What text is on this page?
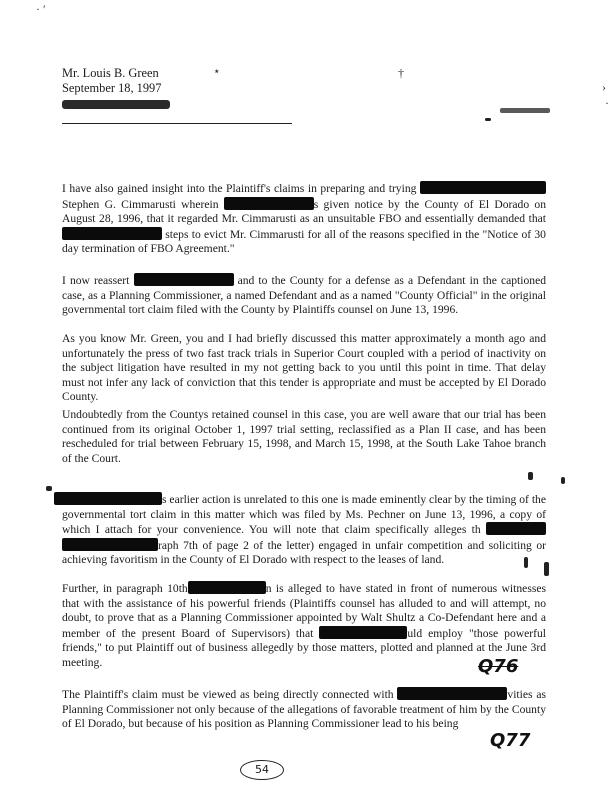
· ′
⋆	†
›
·
Mr. Louis B. Green
September 18, 1997

I have also gained insight into the Plaintiff's claims in preparing and trying  Stephen G. Cimmarusti wherein	s given notice by the County of El Dorado on August 28, 1996, that it regarded Mr. Cimmarusti as an unsuitable FBO and essentially demanded that  steps to evict Mr. Cimmarusti for all of the reasons specified in the "Notice of 30 day termination of FBO Agreement."

I now reassert	and to the County for a defense as a Defendant in the captioned case, as a Planning Commissioner, a named Defendant and as a named "County Official" in the original governmental tort claim filed with the County by Plaintiffs counsel on June 13, 1996.

As you know Mr. Green, you and I had briefly discussed this matter approximately a month ago and unfortunately the press of two fast track trials in Superior Court coupled with a period of inactivity on the subject litigation have resulted in my not getting back to you until this point in time. That delay must not infer any lack of conviction that this tender is appropriate and must be accepted by El Dorado County.

Undoubtedly from the Countys retained counsel in this case, you are well aware that our trial has been continued from its original October 1, 1997 trial setting, reclassified as a Plan II case, and has been rescheduled for trial between February 15, 1998, and March 15, 1998, at the South Lake Tahoe branch of the Court.

s earlier action is unrelated to this one is made eminently clear by the timing of the governmental tort claim in this matter which was filed by Ms. Pechner on June 13, 1996, a copy of which I attach for your convenience. You will note that claim specifically alleges th  raph 7th of page 2 of the letter) engaged in unfair competition and soliciting or achieving favoritism in the County of El Dorado with respect to the leases of land.

Further, in paragraph 10th	n is alleged to have stated in front of numerous witnesses that with the assistance of his powerful friends (Plaintiffs counsel has alluded to and will attempt, no doubt, to prove that as a Planning Commissioner appointed by Walt Shultz a Co-Defendant here and a member of the present Board of Supervisors) that	uld employ "those powerful friends," to put Plaintiff out of business allegedly by those matters, plotted and planned at the June 3rd meeting.

The Plaintiff's claim must be viewed as being directly connected with	vities as Planning Commissioner not only because of the allegations of favorable treatment of him by the County of El Dorado, but because of his position as Planning Commissioner lead to his being

Q76
Q77
54
